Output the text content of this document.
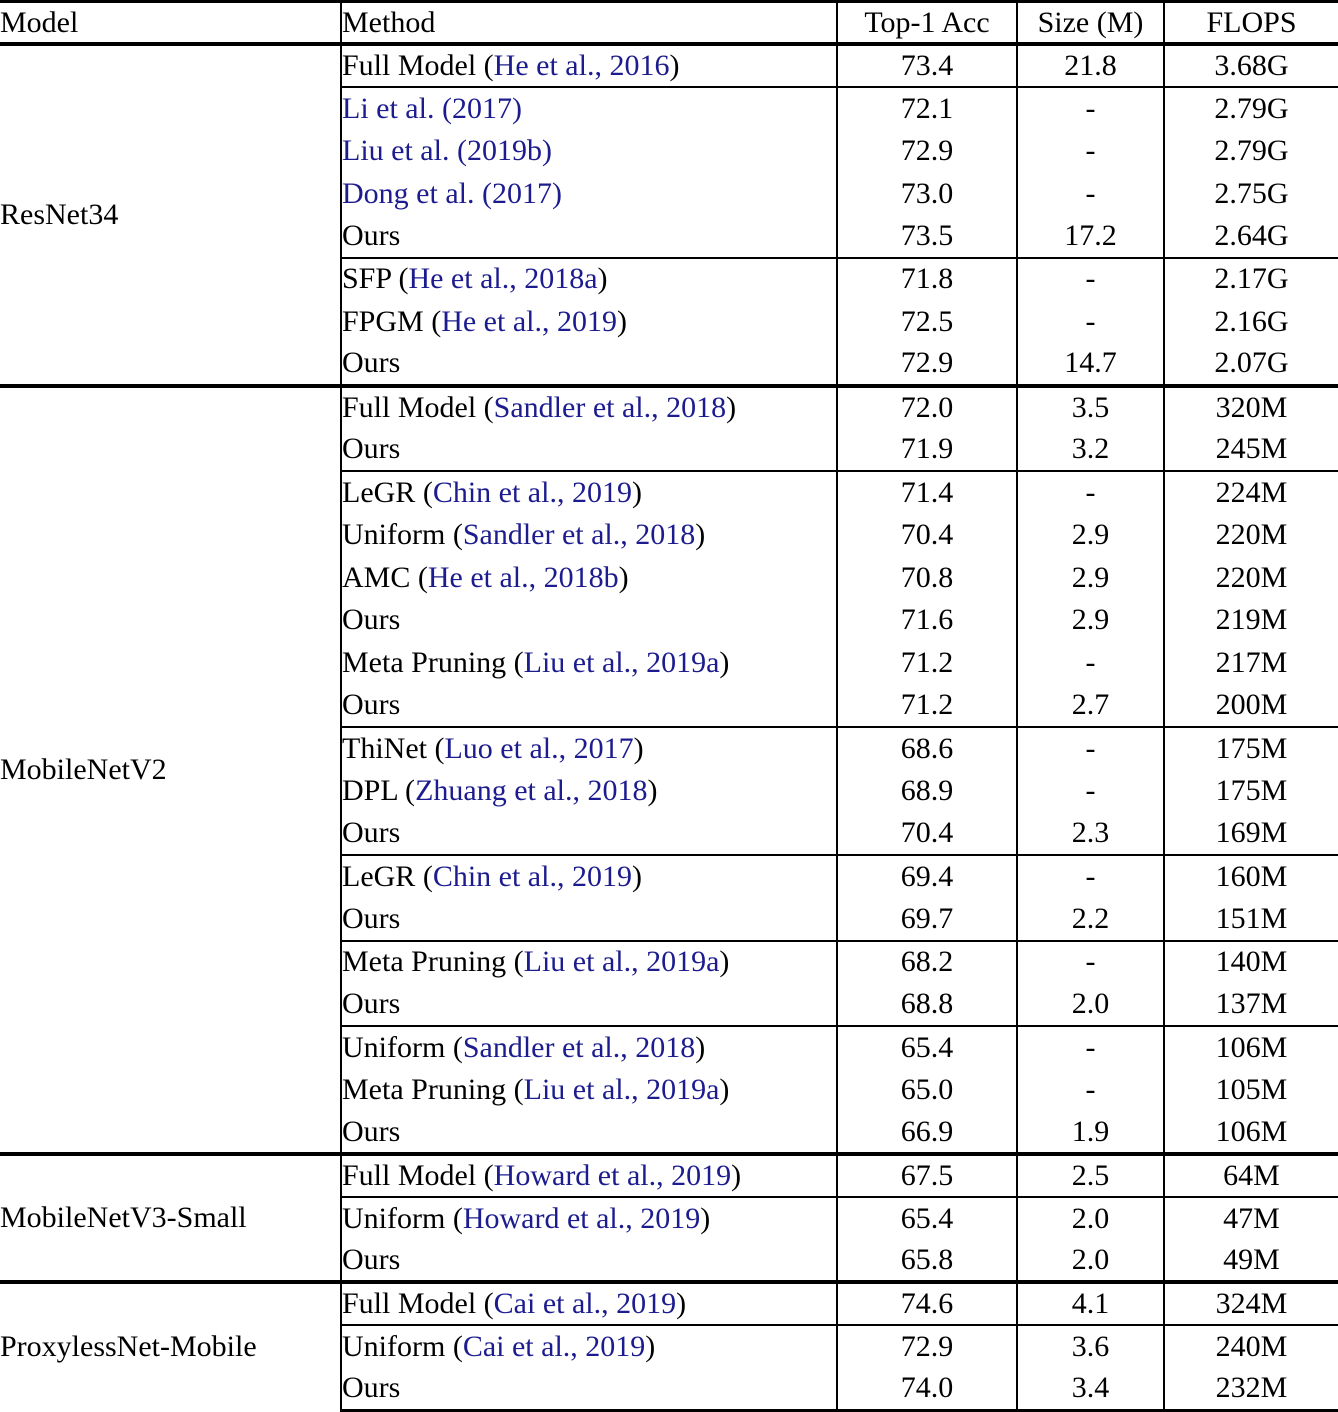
Model	Method	Top-1 Acc	Size (M)	FLOPS
ResNet34	Full Model (He et al., 2016)	73.4	21.8	3.68G
	Li et al. (2017)	72.1	-	2.79G
	Liu et al. (2019b)	72.9	-	2.79G
	Dong et al. (2017)	73.0	-	2.75G
	Ours	73.5	17.2	2.64G
	SFP (He et al., 2018a)	71.8	-	2.17G
	FPGM (He et al., 2019)	72.5	-	2.16G
	Ours	72.9	14.7	2.07G
MobileNetV2	Full Model (Sandler et al., 2018)	72.0	3.5	320M
	Ours	71.9	3.2	245M
	LeGR (Chin et al., 2019)	71.4	-	224M
	Uniform (Sandler et al., 2018)	70.4	2.9	220M
	AMC (He et al., 2018b)	70.8	2.9	220M
	Ours	71.6	2.9	219M
	Meta Pruning (Liu et al., 2019a)	71.2	-	217M
	Ours	71.2	2.7	200M
	ThiNet (Luo et al., 2017)	68.6	-	175M
	DPL (Zhuang et al., 2018)	68.9	-	175M
	Ours	70.4	2.3	169M
	LeGR (Chin et al., 2019)	69.4	-	160M
	Ours	69.7	2.2	151M
	Meta Pruning (Liu et al., 2019a)	68.2	-	140M
	Ours	68.8	2.0	137M
	Uniform (Sandler et al., 2018)	65.4	-	106M
	Meta Pruning (Liu et al., 2019a)	65.0	-	105M
	Ours	66.9	1.9	106M
MobileNetV3-Small	Full Model (Howard et al., 2019)	67.5	2.5	64M
	Uniform (Howard et al., 2019)	65.4	2.0	47M
	Ours	65.8	2.0	49M
ProxylessNet-Mobile	Full Model (Cai et al., 2019)	74.6	4.1	324M
	Uniform (Cai et al., 2019)	72.9	3.6	240M
	Ours	74.0	3.4	232M
